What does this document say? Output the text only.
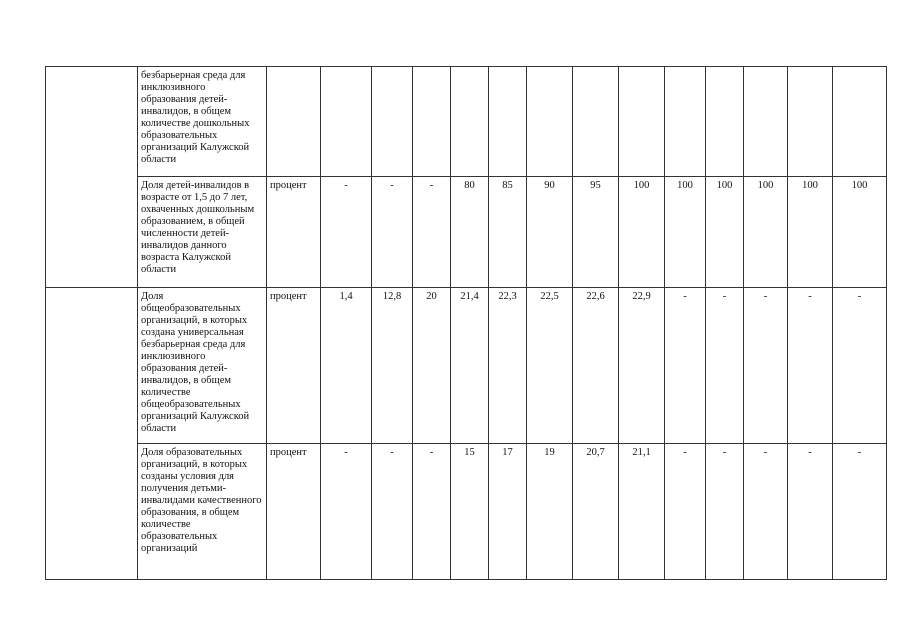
	безбарьерная среда для инклюзивного образования детей-инвалидов, в общем количестве дошкольных образовательных организаций Калужской области														
	Доля детей-инвалидов в возрасте от 1,5 до 7 лет, охваченных дошкольным образованием, в общей численности детей-инвалидов данного возраста Калужской области	процент	-	-	-	80	85	90	95	100	100	100	100	100	100
	Доля общеобразовательных организаций, в которых создана универсальная безбарьерная среда для инклюзивного образования детей-инвалидов, в общем количестве общеобразовательных организаций Калужской области	процент	1,4	12,8	20	21,4	22,3	22,5	22,6	22,9	-	-	-	-	-
	Доля образовательных организаций, в которых созданы условия для получения детьми-инвалидами качественного образования, в общем количестве образовательных организаций	процент	-	-	-	15	17	19	20,7	21,1	-	-	-	-	-
